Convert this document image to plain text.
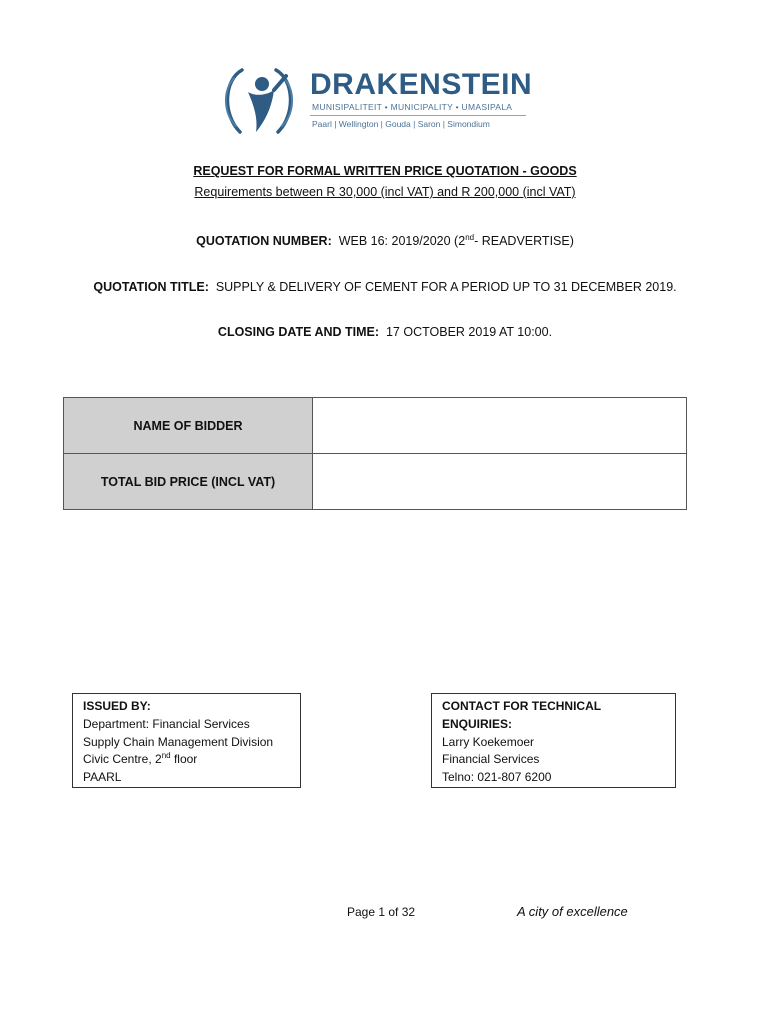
DRAKENSTEIN
MUNISIPALITEIT • MUNICIPALITY • UMASIPALA
Paarl | Wellington | Gouda | Saron | Simondium
REQUEST FOR FORMAL WRITTEN PRICE QUOTATION - GOODS
Requirements between R 30,000 (incl VAT) and R 200,000 (incl VAT)
QUOTATION NUMBER: WEB 16: 2019/2020 (2nd- READVERTISE)
QUOTATION TITLE: SUPPLY & DELIVERY OF CEMENT FOR A PERIOD UP TO 31 DECEMBER 2019.
CLOSING DATE AND TIME: 17 OCTOBER 2019 AT 10:00.
NAME OF BIDDER	
TOTAL BID PRICE (INCL VAT)	
ISSUED BY:
Department: Financial Services
Supply Chain Management Division
Civic Centre, 2nd floor
PAARL
CONTACT FOR TECHNICAL ENQUIRIES:
Larry Koekemoer
Financial Services
Telno: 021-807 6200
Page 1 of 32	A city of excellence
